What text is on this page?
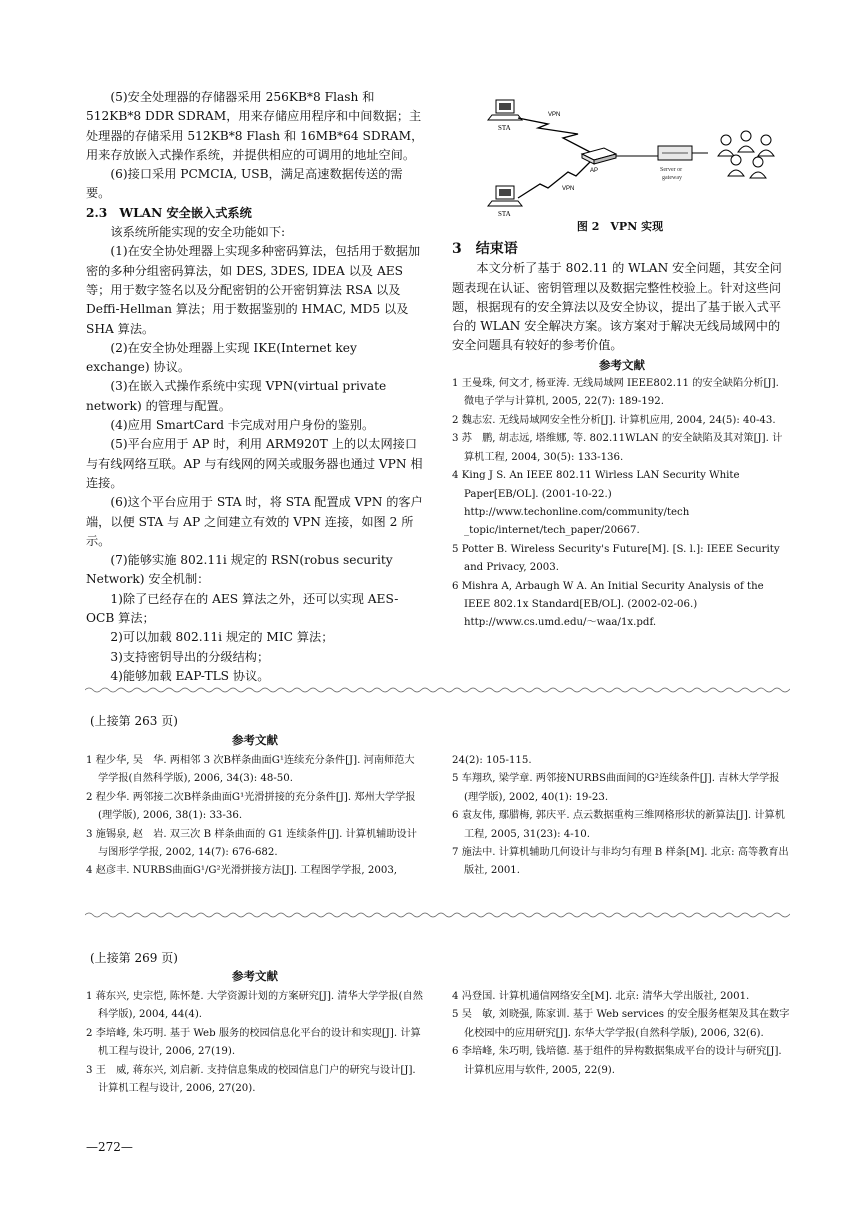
(5)安全处理器的存储器采用 256KB*8 Flash 和 512KB*8 DDR SDRAM，用来存储应用程序和中间数据；主处理器的存储采用 512KB*8 Flash 和 16MB*64 SDRAM，用来存放嵌入式操作系统，并提供相应的可调用的地址空间。

(6)接口采用 PCMCIA, USB，满足高速数据传送的需要。

2.3　WLAN 安全嵌入式系统

该系统所能实现的安全功能如下:

(1)在安全协处理器上实现多种密码算法，包括用于数据加密的多种分组密码算法，如 DES, 3DES, IDEA 以及 AES 等；用于数字签名以及分配密钥的公开密钥算法 RSA 以及 Deffi-Hellman 算法；用于数据鉴别的 HMAC, MD5 以及 SHA 算法。

(2)在安全协处理器上实现 IKE(Internet key exchange) 协议。

(3)在嵌入式操作系统中实现 VPN(virtual private network) 的管理与配置。

(4)应用 SmartCard 卡完成对用户身份的鉴别。

(5)平台应用于 AP 时，利用 ARM920T 上的以太网接口与有线网络互联。AP 与有线网的网关或服务器也通过 VPN 相连接。

(6)这个平台应用于 STA 时，将 STA 配置成 VPN 的客户端，以便 STA 与 AP 之间建立有效的 VPN 连接，如图 2 所示。

(7)能够实施 802.11i 规定的 RSN(robus security Network) 安全机制：

1)除了已经存在的 AES 算法之外，还可以实现 AES-OCB 算法；

2)可以加载 802.11i 规定的 MIC 算法；

3)支持密钥导出的分级结构；

4)能够加载 EAP-TLS 协议。

STA
VPN
AP	Server or
gateway
VPN
STA
图 2　VPN 实现

3　结束语

本文分析了基于 802.11 的 WLAN 安全问题，其安全问题表现在认证、密钥管理以及数据完整性校验上。针对这些问题，根据现有的安全算法以及安全协议，提出了基于嵌入式平台的 WLAN 安全解决方案。该方案对于解决无线局域网中的安全问题具有较好的参考价值。

参考文献

1 王曼珠, 何文才, 杨亚涛. 无线局域网 IEEE802.11 的安全缺陷分析[J]. 微电子学与计算机, 2005, 22(7): 189-192.

2 魏志宏. 无线局域网安全性分析[J]. 计算机应用, 2004, 24(5): 40-43.

3 苏　鹏, 胡志远, 塔维娜, 等. 802.11WLAN 的安全缺陷及其对策[J]. 计算机工程, 2004, 30(5): 133-136.

4 King J S. An IEEE 802.11 Wirless LAN Security White Paper[EB/OL]. (2001-10-22.) http://www.techonline.com/community/tech _topic/internet/tech_paper/20667.

5 Potter B. Wireless Security's Future[M]. [S. l.]: IEEE Security and Privacy, 2003.

6 Mishra A, Arbaugh W A. An Initial Security Analysis of the IEEE 802.1x Standard[EB/OL]. (2002-02-06.) http://www.cs.umd.edu/～waa/1x.pdf.

(上接第 263 页)
参考文献

1 程少华, 吴　华. 两相邻 3 次B样条曲面G¹连续充分条件[J]. 河南师范大学学报(自然科学版), 2006, 34(3): 48-50.

2 程少华. 两邻接二次B样条曲面G¹光滑拼接的充分条件[J]. 郑州大学学报(理学版), 2006, 38(1): 33-36.

3 施锡泉, 赵　岩. 双三次 B 样条曲面的 G1 连续条件[J]. 计算机辅助设计与图形学学报, 2002, 14(7): 676-682.

4 赵彦丰. NURBS曲面G¹/G²光滑拼接方法[J]. 工程图学学报, 2003,

24(2): 105-115.

5 车翔玖, 梁学章. 两邻接NURBS曲面间的G²连续条件[J]. 吉林大学学报(理学版), 2002, 40(1): 19-23.

6 袁友伟, 鄢腊梅, 郭庆平. 点云数据重构三维网格形状的新算法[J]. 计算机工程, 2005, 31(23): 4-10.

7 施法中. 计算机辅助几何设计与非均匀有理 B 样条[M]. 北京: 高等教育出版社, 2001.

(上接第 269 页)
参考文献

1 蒋东兴, 史宗恺, 陈怀楚. 大学资源计划的方案研究[J]. 清华大学学报(自然科学版), 2004, 44(4).

2 李培峰, 朱巧明. 基于 Web 服务的校园信息化平台的设计和实现[J]. 计算机工程与设计, 2006, 27(19).

3 王　威, 蒋东兴, 刘启新. 支持信息集成的校园信息门户的研究与设计[J]. 计算机工程与设计, 2006, 27(20).

4 冯登国. 计算机通信网络安全[M]. 北京: 清华大学出版社, 2001.

5 吴　敏, 刘晓强, 陈家训. 基于 Web services 的安全服务框架及其在数字化校园中的应用研究[J]. 东华大学学报(自然科学版), 2006, 32(6).

6 李培峰, 朱巧明, 钱培德. 基于组件的异构数据集成平台的设计与研究[J]. 计算机应用与软件, 2005, 22(9).

—272—
